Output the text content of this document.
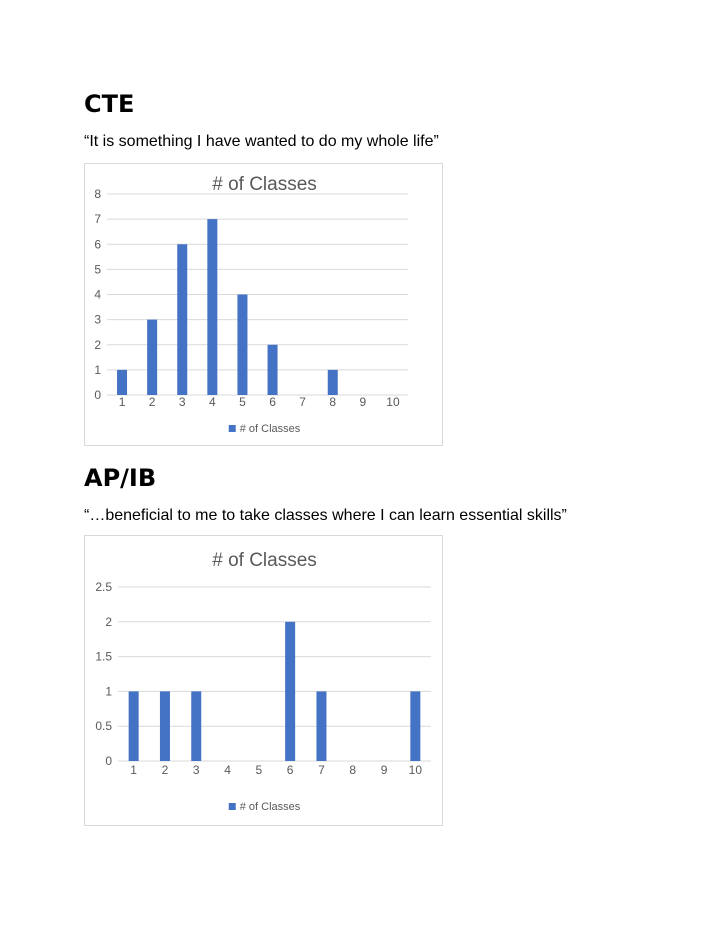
CTE

“It is something I have wanted to do my whole life”

# of Classes
0
1
2
3
4
5
6
7
8
1 2 3 4 5 6 7 8 9 10
# of Classes
AP/IB

“…beneficial to me to take classes where I can learn essential skills”

# of Classes
0
0.5
1
1.5
2
2.5
1 2 3 4 5 6 7 8 9 10
# of Classes
